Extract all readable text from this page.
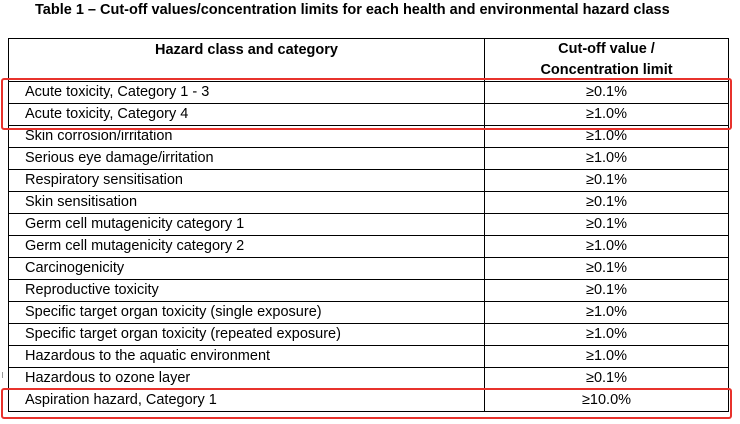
Table 1 – Cut-off values/concentration limits for each health and environmental hazard class
Hazard class and category	Cut-off value /
Concentration limit
Acute toxicity, Category 1 - 3	≥0.1%
Acute toxicity, Category 4	≥1.0%
Skin corrosion/irritation	≥1.0%
Serious eye damage/irritation	≥1.0%
Respiratory sensitisation	≥0.1%
Skin sensitisation	≥0.1%
Germ cell mutagenicity category 1	≥0.1%
Germ cell mutagenicity category 2	≥1.0%
Carcinogenicity	≥0.1%
Reproductive toxicity	≥0.1%
Specific target organ toxicity (single exposure)	≥1.0%
Specific target organ toxicity (repeated exposure)	≥1.0%
Hazardous to the aquatic environment	≥1.0%
Hazardous to ozone layer	≥0.1%
Aspiration hazard, Category 1	≥10.0%
